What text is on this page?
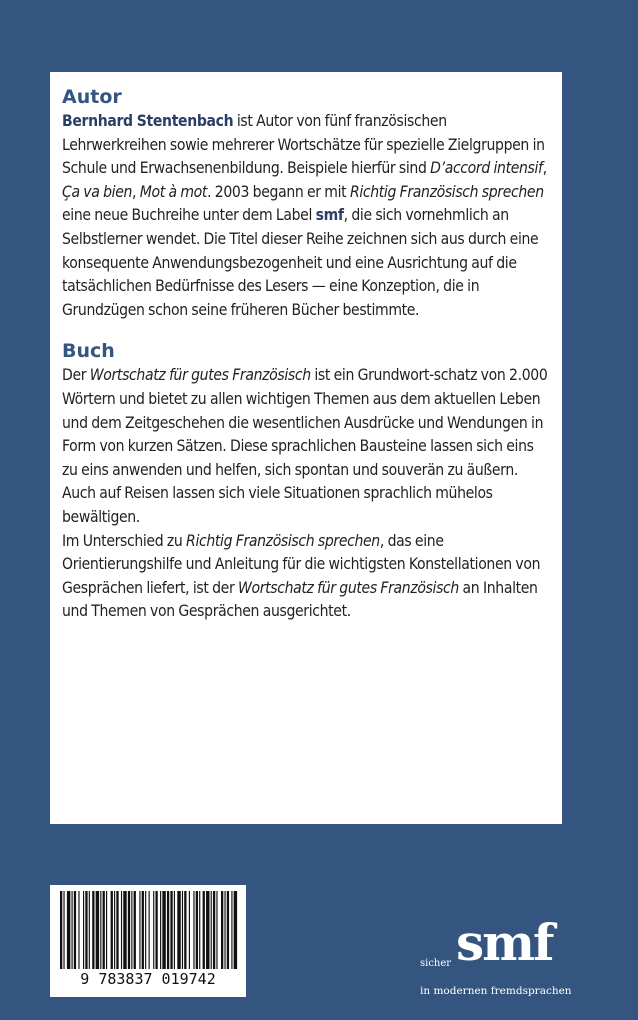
Autor

Bernhard Stentenbach ist Autor von fünf französischen Lehrwerkreihen sowie mehrerer Wortschätze für spezielle Zielgruppen in Schule und Erwachsenenbildung. Beispiele hierfür sind D’accord intensif, Ça va bien, Mot à mot. 2003 begann er mit Richtig Französisch sprechen eine neue Buchreihe unter dem Label smf, die sich vornehmlich an Selbstlerner wendet. Die Titel dieser Reihe zeichnen sich aus durch eine konsequente Anwendungsbezogenheit und eine Ausrichtung auf die tatsächlichen Bedürfnisse des Lesers — eine Konzeption, die in Grundzügen schon seine früheren Bücher bestimmte.

Buch

Der Wortschatz für gutes Französisch ist ein Grundwort-schatz von 2.000 Wörtern und bietet zu allen wichtigen Themen aus dem aktuellen Leben und dem Zeitgeschehen die wesentlichen Ausdrücke und Wendungen in Form von kurzen Sätzen. Diese sprachlichen Bausteine lassen sich eins zu eins anwenden und helfen, sich spontan und souverän zu äußern. Auch auf Reisen lassen sich viele Situationen sprachlich mühelos bewältigen.

Im Unterschied zu Richtig Französisch sprechen, das eine Orientierungshilfe und Anleitung für die wichtigsten Konstellationen von Gesprächen liefert, ist der Wortschatz für gutes Französisch an Inhalten und Themen von Gesprächen ausgerichtet.

9 783837 019742
sicher smf
in modernen fremdsprachen
